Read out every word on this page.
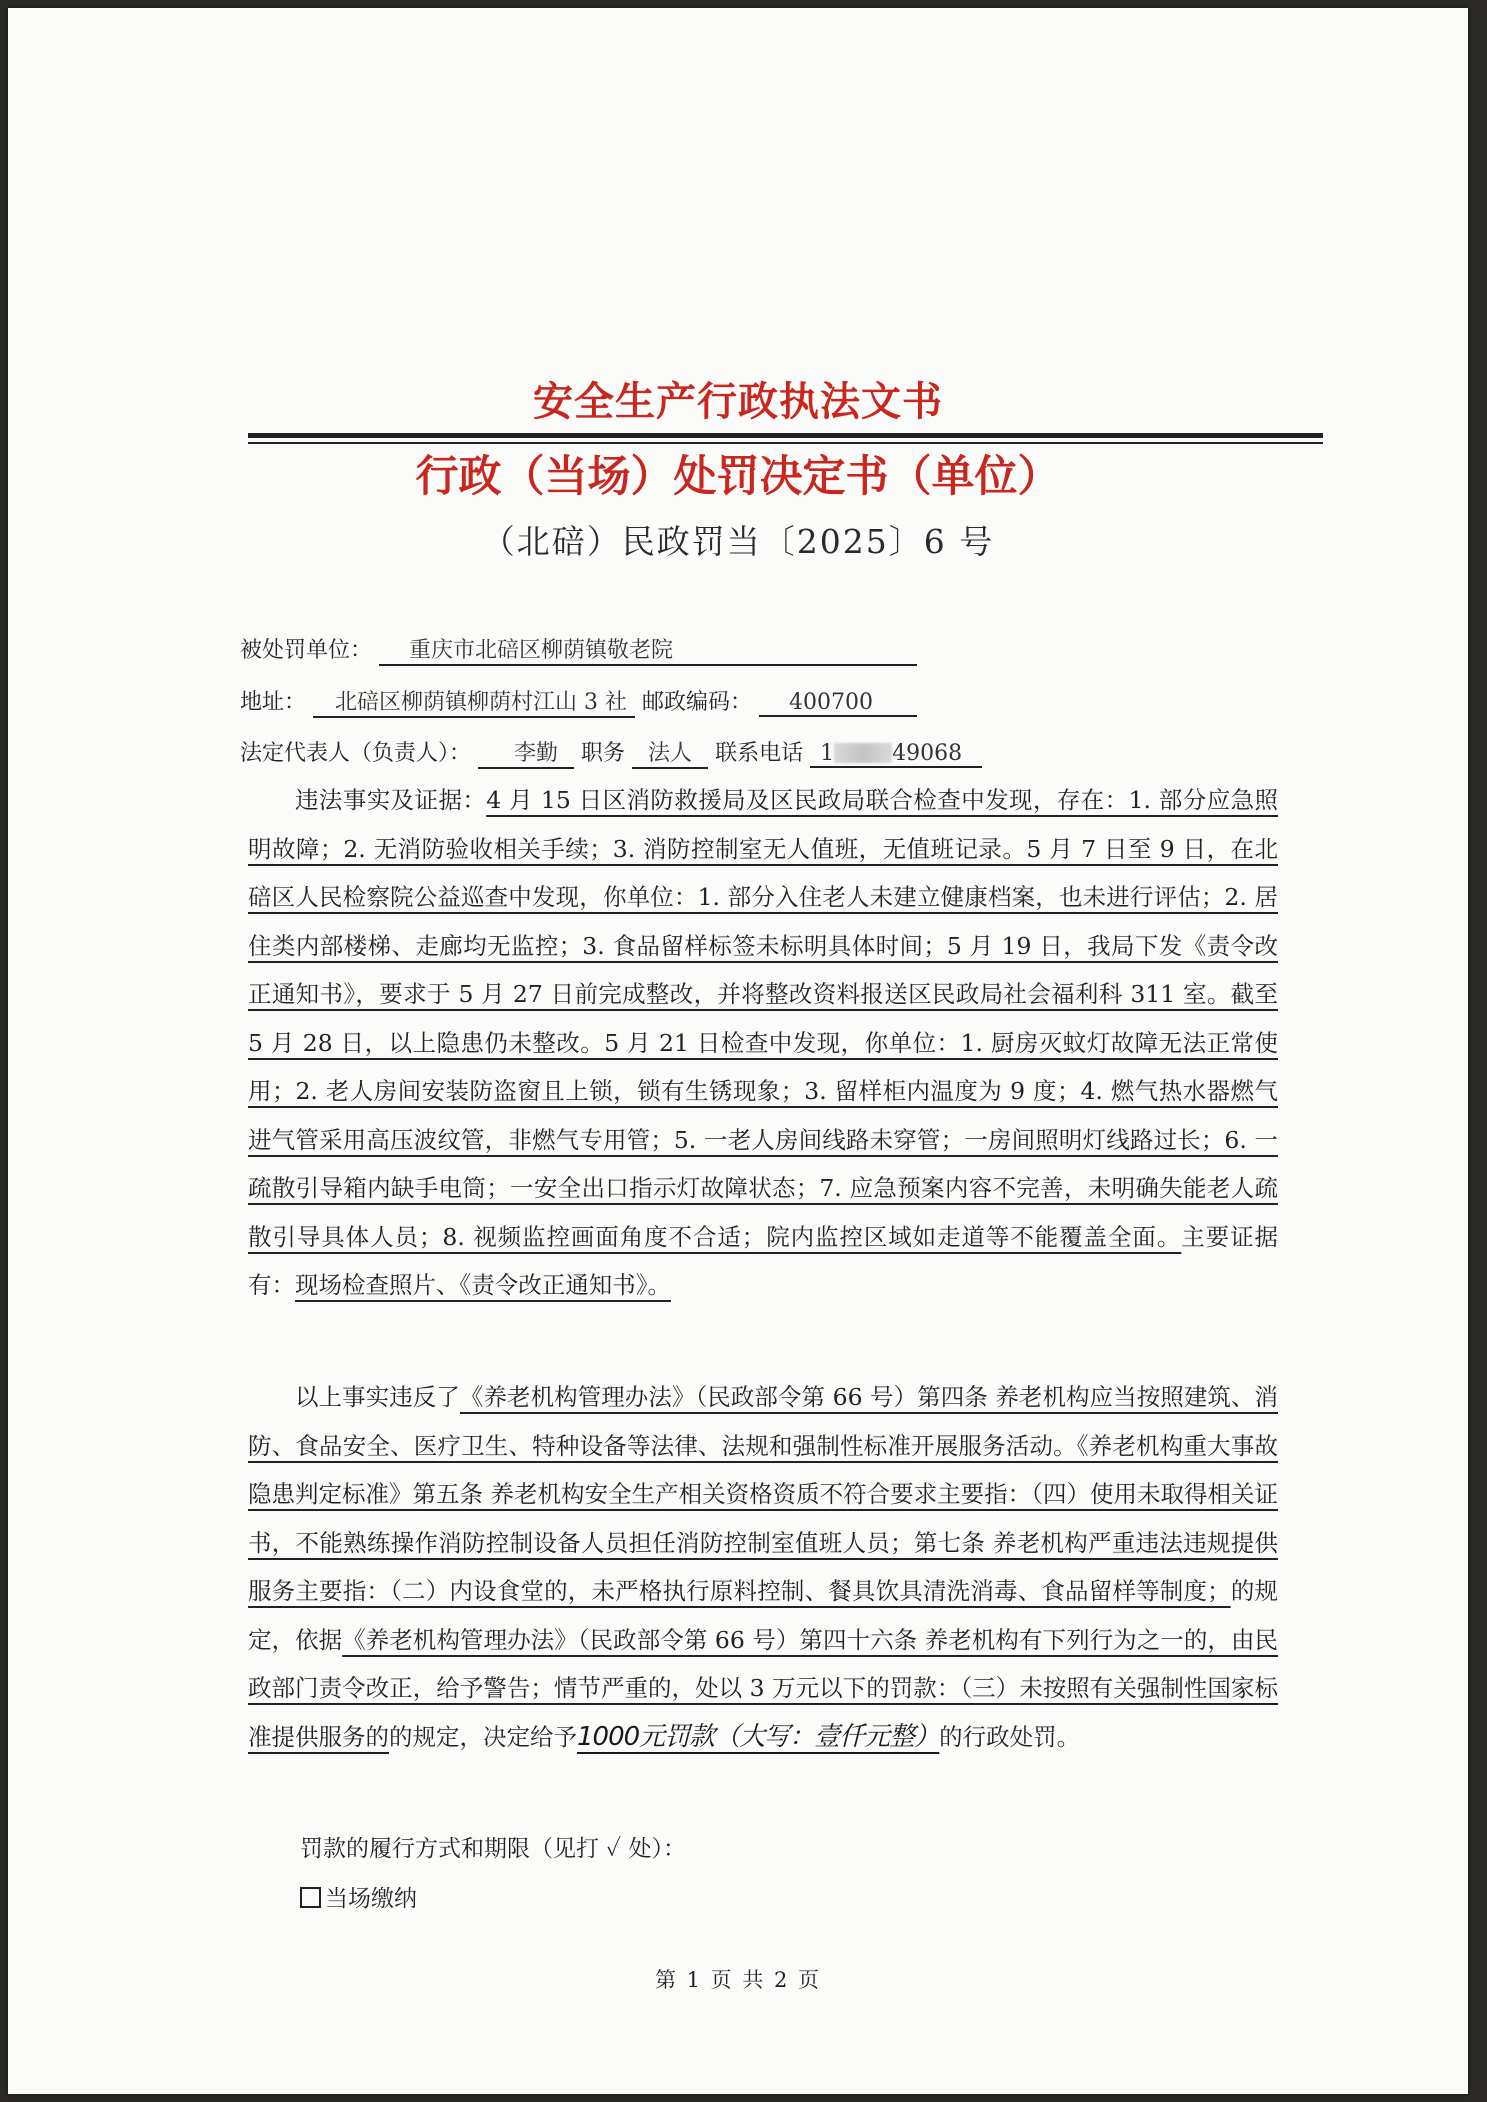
安全生产行政执法文书
行政（当场）处罚决定书（单位）
（北碚）民政罚当〔2025〕6 号
被处罚单位： 重庆市北碚区柳荫镇敬老院
地址： 北碚区柳荫镇柳荫村江山 3 社 邮政编码： 400700
法定代表人（负责人）： 李勤 职务 法人 联系电话 1	49068

违法事实及证据：4 月 15 日区消防救援局及区民政局联合检查中发现，存在：1. 部分应急照明故障；2. 无消防验收相关手续；3. 消防控制室无人值班，无值班记录。5 月 7 日至 9 日，在北碚区人民检察院公益巡查中发现，你单位：1. 部分入住老人未建立健康档案，也未进行评估；2. 居住类内部楼梯、走廊均无监控；3. 食品留样标签未标明具体时间；5 月 19 日，我局下发《责令改正通知书》，要求于 5 月 27 日前完成整改，并将整改资料报送区民政局社会福利科 311 室。截至 5 月 28 日，以上隐患仍未整改。5 月 21 日检查中发现，你单位：1. 厨房灭蚊灯故障无法正常使用；2. 老人房间安装防盗窗且上锁，锁有生锈现象；3. 留样柜内温度为 9 度；4. 燃气热水器燃气进气管采用高压波纹管，非燃气专用管；5. 一老人房间线路未穿管；一房间照明灯线路过长；6. 一疏散引导箱内缺手电筒；一安全出口指示灯故障状态；7. 应急预案内容不完善，未明确失能老人疏散引导具体人员；8. 视频监控画面角度不合适；院内监控区域如走道等不能覆盖全面。主要证据有：现场检查照片、《责令改正通知书》。

以上事实违反了《养老机构管理办法》（民政部令第 66 号）第四条 养老机构应当按照建筑、消防、食品安全、医疗卫生、特种设备等法律、法规和强制性标准开展服务活动。《养老机构重大事故隐患判定标准》第五条 养老机构安全生产相关资格资质不符合要求主要指：（四）使用未取得相关证书，不能熟练操作消防控制设备人员担任消防控制室值班人员；第七条 养老机构严重违法违规提供服务主要指：（二）内设食堂的，未严格执行原料控制、餐具饮具清洗消毒、食品留样等制度；的规定，依据《养老机构管理办法》（民政部令第 66 号）第四十六条 养老机构有下列行为之一的，由民政部门责令改正，给予警告；情节严重的，处以 3 万元以下的罚款：（三）未按照有关强制性国家标准提供服务的的规定，决定给予1000元罚款（大写：壹仟元整）的行政处罚。

罚款的履行方式和期限（见打 ✓ 处）：
当场缴纳
第 1 页 共 2 页
